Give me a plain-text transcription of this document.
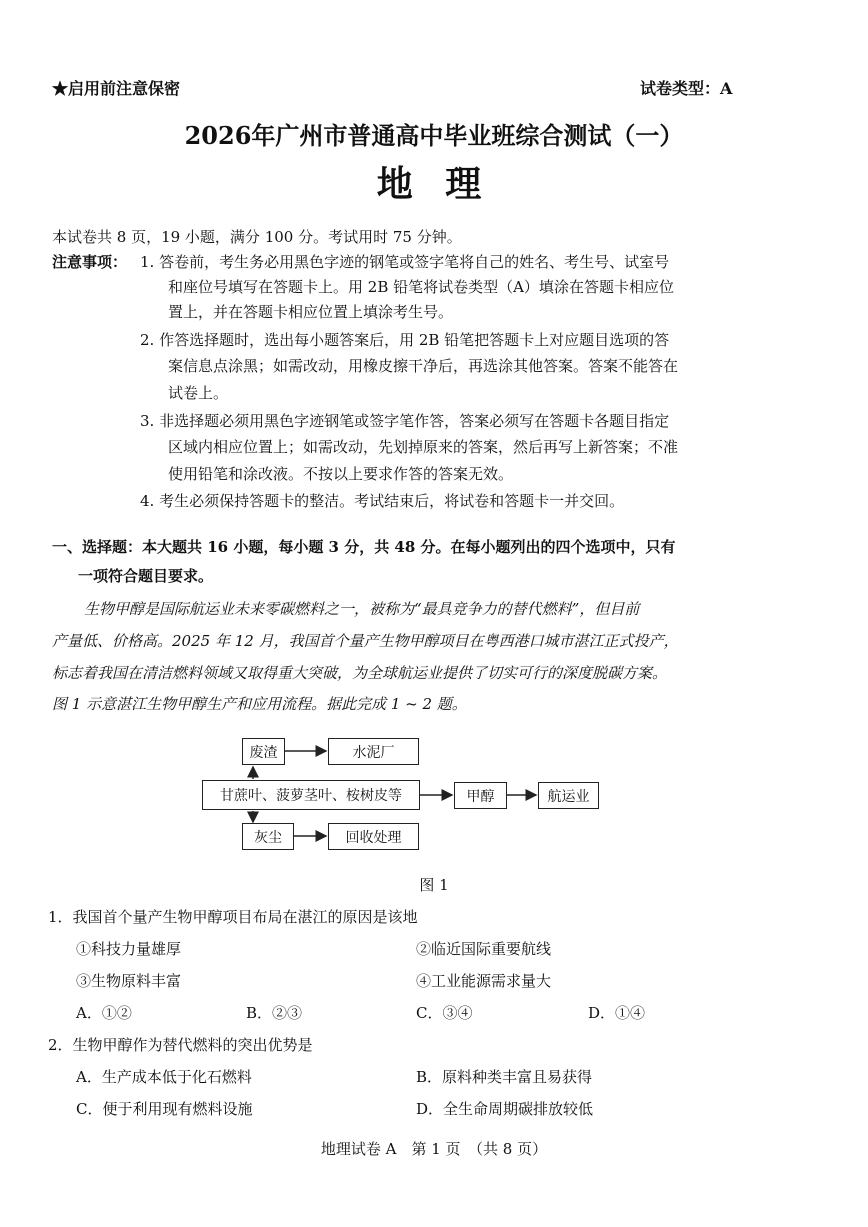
★启用前注意保密	试卷类型：A
2026年广州市普通高中毕业班综合测试（一）
地 理
本试卷共 8 页，19 小题，满分 100 分。考试用时 75 分钟。
注意事项： 1. 答卷前，考生务必用黑色字迹的钢笔或签字笔将自己的姓名、考生号、试室号
和座位号填写在答题卡上。用 2B 铅笔将试卷类型（A）填涂在答题卡相应位
置上，并在答题卡相应位置上填涂考生号。
2. 作答选择题时，选出每小题答案后，用 2B 铅笔把答题卡上对应题目选项的答
案信息点涂黑；如需改动，用橡皮擦干净后，再选涂其他答案。答案不能答在
试卷上。
3. 非选择题必须用黑色字迹钢笔或签字笔作答，答案必须写在答题卡各题目指定
区域内相应位置上；如需改动，先划掉原来的答案，然后再写上新答案；不准
使用铅笔和涂改液。不按以上要求作答的答案无效。
4. 考生必须保持答题卡的整洁。考试结束后，将试卷和答题卡一并交回。
一、选择题：本大题共 16 小题，每小题 3 分，共 48 分。在每小题列出的四个选项中，只有
一项符合题目要求。
生物甲醇是国际航运业未来零碳燃料之一，被称为“最具竞争力的替代燃料”，但目前
产量低、价格高。2025 年 12 月，我国首个量产生物甲醇项目在粤西港口城市湛江正式投产，
标志着我国在清洁燃料领域又取得重大突破，为全球航运业提供了切实可行的深度脱碳方案。
图 1 示意湛江生物甲醇生产和应用流程。据此完成 1 ~ 2 题。
废渣	水泥厂
甘蔗叶、菠萝茎叶、桉树皮等	甲醇	航运业
灰尘	回收处理
图 1
1．我国首个量产生物甲醇项目布局在湛江的原因是该地
①科技力量雄厚	②临近国际重要航线
③生物原料丰富	④工业能源需求量大
A．①②	B．②③	C．③④	D．①④
2．生物甲醇作为替代燃料的突出优势是
A．生产成本低于化石燃料	B．原料种类丰富且易获得
C．便于利用现有燃料设施	D．全生命周期碳排放较低
地理试卷 A　第 1 页　（共 8 页）
